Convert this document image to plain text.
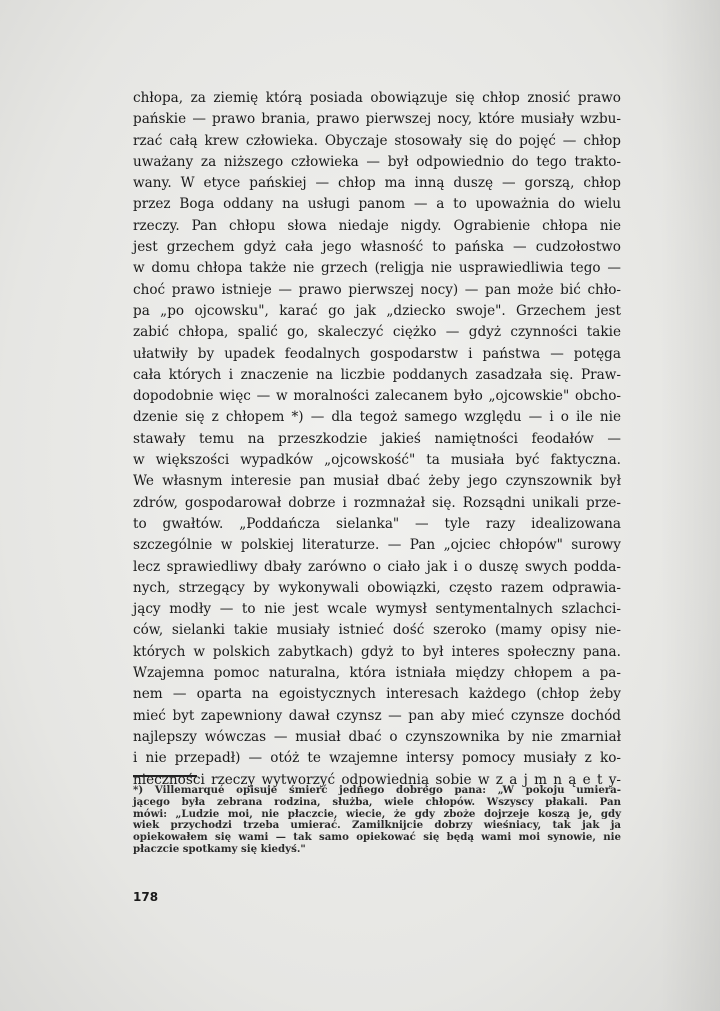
chłopa, za ziemię którą posiada obowiązuje się chłop znosić prawo
pańskie — prawo brania, prawo pierwszej nocy, które musiały wzbu-
rzać całą krew człowieka. Obyczaje stosowały się do pojęć — chłop
uważany za niższego człowieka — był odpowiednio do tego trakto-
wany. W etyce pańskiej — chłop ma inną duszę — gorszą, chłop
przez Boga oddany na usługi panom — a to upoważnia do wielu
rzeczy. Pan chłopu słowa niedaje nigdy. Ograbienie chłopa nie
jest grzechem gdyż cała jego własność to pańska — cudzołostwo
w domu chłopa także nie grzech (religja nie usprawiedliwia tego —
choć prawo istnieje — prawo pierwszej nocy) — pan może bić chło-
pa „po ojcowsku", karać go jak „dziecko swoje". Grzechem jest
zabić chłopa, spalić go, skaleczyć ciężko — gdyż czynności takie
ułatwiły by upadek feodalnych gospodarstw i państwa — potęga
cała których i znaczenie na liczbie poddanych zasadzała się. Praw-
dopodobnie więc — w moralności zalecanem było „ojcowskie" obcho-
dzenie się z chłopem *) — dla tegoż samego względu — i o ile nie
stawały temu na przeszkodzie jakieś namiętności feodałów —
w większości wypadków „ojcowskość" ta musiała być faktyczna.
We własnym interesie pan musiał dbać żeby jego czynszownik był
zdrów, gospodarował dobrze i rozmnażał się. Rozsądni unikali prze-
to gwałtów. „Poddańcza sielanka" — tyle razy idealizowana
szczególnie w polskiej literaturze. — Pan „ojciec chłopów" surowy
lecz sprawiedliwy dbały zarówno o ciało jak i o duszę swych podda-
nych, strzegący by wykonywali obowiązki, często razem odprawia-
jący modły — to nie jest wcale wymysł sentymentalnych szlachci-
ców, sielanki takie musiały istnieć dość szeroko (mamy opisy nie-
których w polskich zabytkach) gdyż to był interes społeczny pana.
Wzajemna pomoc naturalna, która istniała między chłopem a pa-
nem — oparta na egoistycznych interesach każdego (chłop żeby
mieć byt zapewniony dawał czynsz — pan aby mieć czynsze dochód
najlepszy wówczas — musiał dbać o czynszownika by nie zmarniał
i nie przepadł) — otóż te wzajemne intersy pomocy musiały z ko-
nieczności rzeczy wytworzyć odpowiednią sobie w z a j m n ą e t y-
*) Villemarqué opisuje śmierć jednego dobrego pana: „W pokoju umiera-
jącego była zebrana rodzina, służba, wiele chłopów. Wszyscy płakali. Pan
mówi: „Ludzie moi, nie płaczcie, wiecie, że gdy zboże dojrzeje koszą je, gdy
wiek przychodzi trzeba umierać. Zamilknijcie dobrzy wieśniacy, tak jak ja
opiekowałem się wami — tak samo opiekować się będą wami moi synowie, nie
płaczcie spotkamy się kiedyś."
178
